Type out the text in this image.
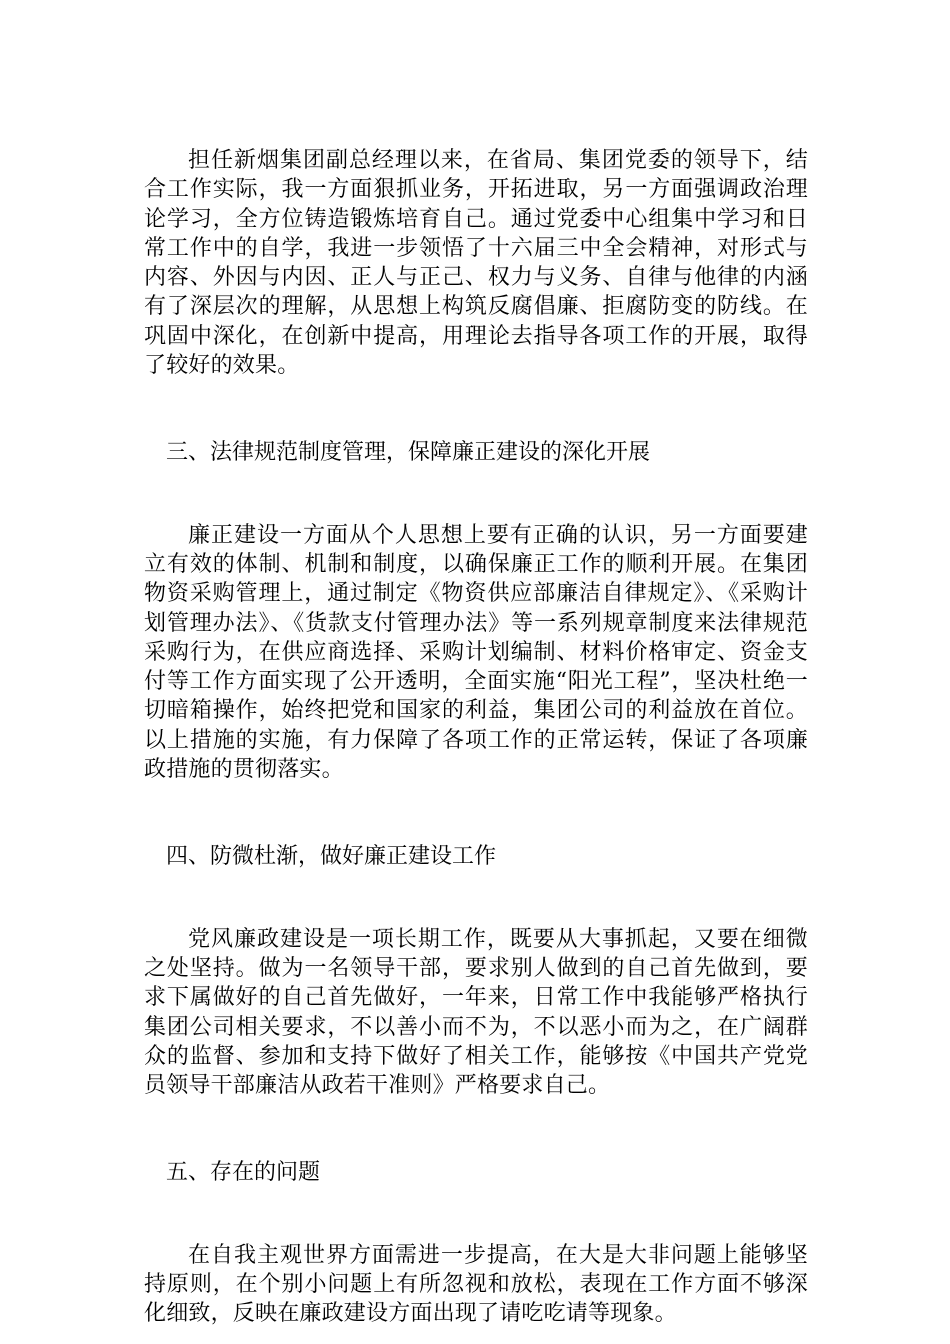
担任新烟集团副总经理以来，在省局、集团党委的领导下，结合工作实际，我一方面狠抓业务，开拓进取，另一方面强调政治理论学习，全方位铸造锻炼培育自己。通过党委中心组集中学习和日常工作中的自学，我进一步领悟了十六届三中全会精神，对形式与内容、外因与内因、正人与正己、权力与义务、自律与他律的内涵有了深层次的理解，从思想上构筑反腐倡廉、拒腐防变的防线。在巩固中深化，在创新中提高，用理论去指导各项工作的开展，取得了较好的效果。

三、法律规范制度管理，保障廉正建设的深化开展

廉正建设一方面从个人思想上要有正确的认识，另一方面要建立有效的体制、机制和制度，以确保廉正工作的顺利开展。在集团物资采购管理上，通过制定《物资供应部廉洁自律规定》、《采购计划管理办法》、《货款支付管理办法》等一系列规章制度来法律规范采购行为，在供应商选择、采购计划编制、材料价格审定、资金支付等工作方面实现了公开透明，全面实施“阳光工程”，坚决杜绝一切暗箱操作，始终把党和国家的利益，集团公司的利益放在首位。以上措施的实施，有力保障了各项工作的正常运转，保证了各项廉政措施的贯彻落实。

四、防微杜渐，做好廉正建设工作

党风廉政建设是一项长期工作，既要从大事抓起，又要在细微之处坚持。做为一名领导干部，要求别人做到的自己首先做到，要求下属做好的自己首先做好，一年来，日常工作中我能够严格执行集团公司相关要求，不以善小而不为，不以恶小而为之，在广阔群众的监督、参加和支持下做好了相关工作，能够按《中国共产党党员领导干部廉洁从政若干准则》严格要求自己。

五、存在的问题

在自我主观世界方面需进一步提高，在大是大非问题上能够坚持原则，在个别小问题上有所忽视和放松，表现在工作方面不够深化细致，反映在廉政建设方面出现了请吃吃请等现象。
